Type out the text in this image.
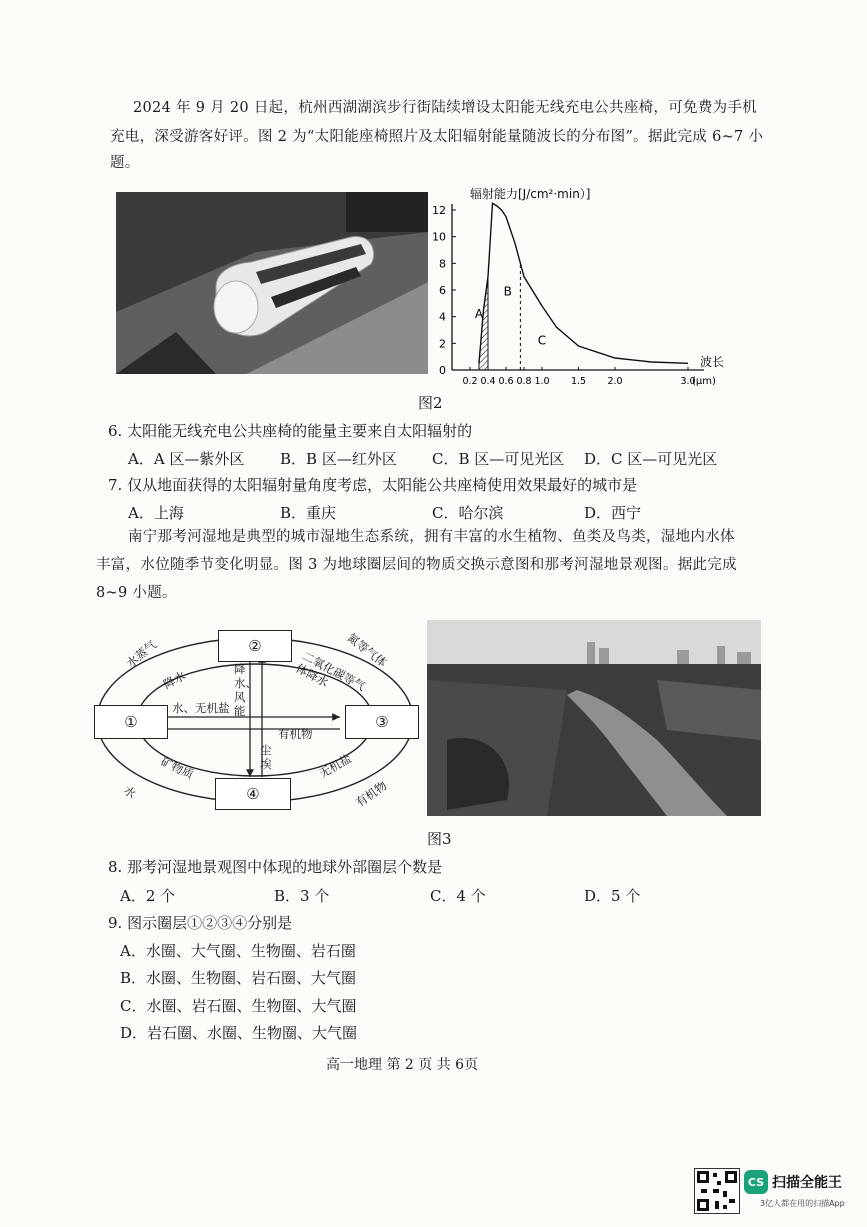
2024 年 9 月 20 日起，杭州西湖湖滨步行街陆续增设太阳能无线充电公共座椅，可免费为手机
充电，深受游客好评。图 2 为“太阳能座椅照片及太阳辐射能量随波长的分布图”。据此完成 6~7 小
题。
辐射能力[J/cm²·min）]
波长
(μm)
0
2
4
6
8
10
12
0.2 0.4 0.6 0.8 1.0 1.5 2.0	3.0
A
B
C
图2
6. 太阳能无线充电公共座椅的能量主要来自太阳辐射的
A．A 区—紫外区 B．B 区—红外区 C．B 区—可见光区 D．C 区—可见光区
7. 仅从地面获得的太阳辐射量角度考虑，太阳能公共座椅使用效果最好的城市是
A．上海	B．重庆	C．哈尔滨	D．西宁
南宁那考河湿地是典型的城市湿地生态系统，拥有丰富的水生植物、鱼类及鸟类，湿地内水体
丰富，水位随季节变化明显。图 3 为地球圈层间的物质交换示意图和那考河湿地景观图。据此完成
8~9 小题。
②
①	③
④
水蒸气
降水
水、无机盐
降水、风能
二氧化碳等气体降水
氮等气体
有机物
尘埃
矿物质
水
无机盐
有机物
图3
8. 那考河湿地景观图中体现的地球外部圈层个数是
A．2 个	B．3 个	C．4 个	D．5 个
9. 图示圈层①②③④分别是
A．水圈、大气圈、生物圈、岩石圈
B．水圈、生物圈、岩石圈、大气圈
C．水圈、岩石圈、生物圈、大气圈
D．岩石圈、水圈、生物圈、大气圈
高一地理 第 2 页 共 6页
CS 扫描全能王
3亿人都在用的扫描App
